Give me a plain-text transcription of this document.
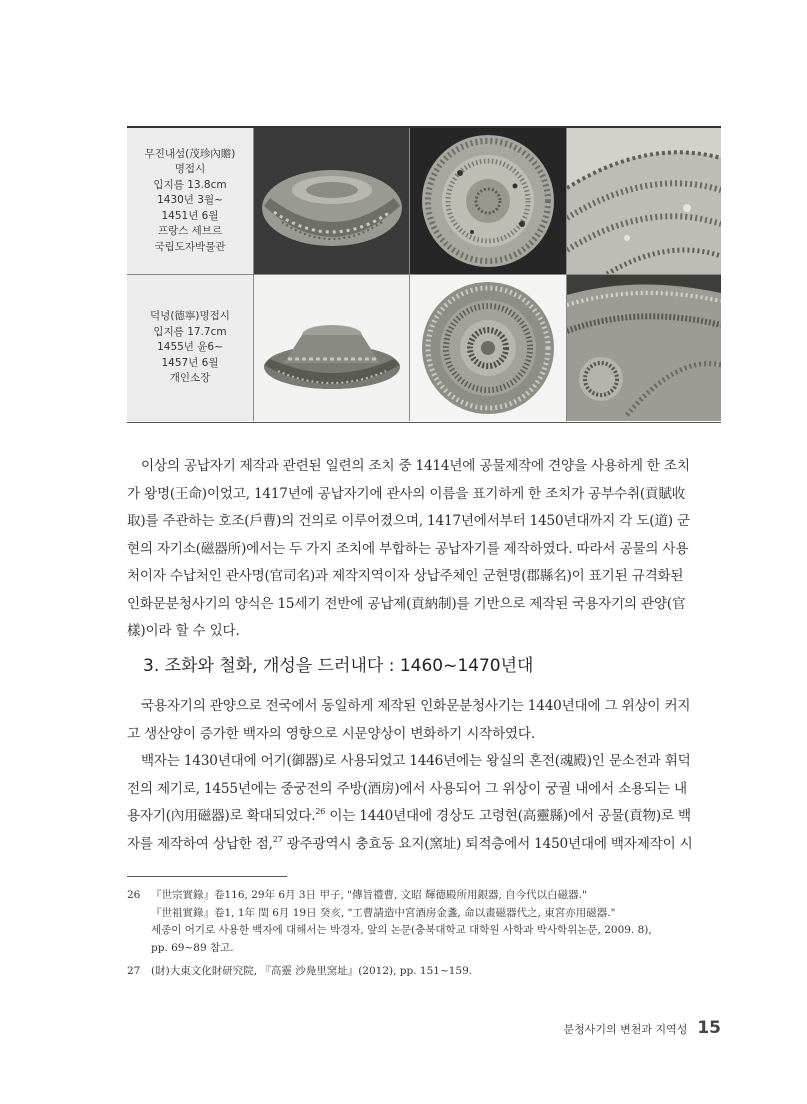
무진내섬(茂珍內贍)
명접시
입지름 13.8cm
1430년 3월~
1451년 6월
프랑스 세브르
국립도자박물관
덕녕(德寧)명접시
입지름 17.7cm
1455년 윤6~
1457년 6월
개인소장
이상의 공납자기 제작과 관련된 일련의 조치 중 1414년에 공물제작에 견양을 사용하게 한 조치
가 왕명(王命)이었고, 1417년에 공납자기에 관사의 이름을 표기하게 한 조치가 공부수취(貢賦收
取)를 주관하는 호조(戶曹)의 건의로 이루어졌으며, 1417년에서부터 1450년대까지 각 도(道) 군
현의 자기소(磁器所)에서는 두 가지 조치에 부합하는 공납자기를 제작하였다. 따라서 공물의 사용
처이자 수납처인 관사명(官司名)과 제작지역이자 상납주체인 군현명(郡縣名)이 표기된 규격화된
인화문분청사기의 양식은 15세기 전반에 공납제(貢納制)를 기반으로 제작된 국용자기의 관양(官
樣)이라 할 수 있다.
3. 조화와 철화, 개성을 드러내다 : 1460~1470년대
국용자기의 관양으로 전국에서 동일하게 제작된 인화문분청사기는 1440년대에 그 위상이 커지
고 생산양이 증가한 백자의 영향으로 시문양상이 변화하기 시작하였다.
백자는 1430년대에 어기(御器)로 사용되었고 1446년에는 왕실의 혼전(魂殿)인 문소전과 휘덕
전의 제기로, 1455년에는 중궁전의 주방(酒房)에서 사용되어 그 위상이 궁궐 내에서 소용되는 내
용자기(內用磁器)로 확대되었다.$^{26}$ 이는 1440년대에 경상도 고령현(高靈縣)에서 공물(貢物)로 백
자를 제작하여 상납한 점,$^{27}$ 광주광역시 충효동 요지(窯址) 퇴적층에서 1450년대에 백자제작이 시
26	『世宗實錄』卷116, 29年 6月 3日 甲子, "傳旨禮曹, 文昭 輝德殿所用銀器, 自今代以白磁器."
『世祖實錄』卷1, 1年 閏 6月 19日 癸亥, "工曹請造中宮酒房金盞, 命以畫磁器代之, 東宮亦用磁器."
세종이 어기로 사용한 백자에 대해서는 박경자, 앞의 논문(충북대학교 대학원 사학과 박사학위논문, 2009. 8),
pp. 69~89 참고.
27	(財)大東文化財研究院, 『高靈 沙鳧里窯址』(2012), pp. 151~159.
분청사기의 변천과 지역성 15
